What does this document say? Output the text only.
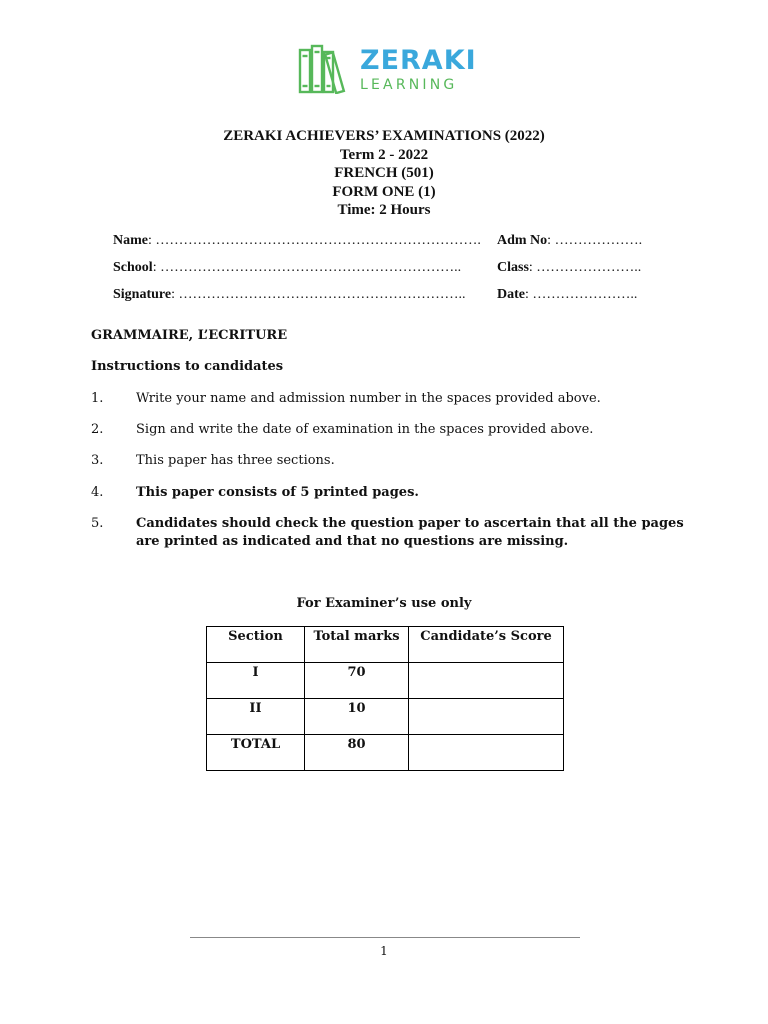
ZERAKI
LEARNING
ZERAKI ACHIEVERS’ EXAMINATIONS (2022)
Term 2 - 2022
FRENCH (501)
FORM ONE (1)
Time: 2 Hours
Name: …………………………………………………………….	Adm No: ……………….
School: ………………………………………………………..	Class: …………………..
Signature: ……………………………………………………..	Date: …………………..
GRAMMAIRE, L’ECRITURE
Instructions to candidates
1.	Write your name and admission number in the spaces provided above.
2.	Sign and write the date of examination in the spaces provided above.
3.	This paper has three sections.
4.	This paper consists of 5 printed pages.
5.	Candidates should check the question paper to ascertain that all the pages are printed as indicated and that no questions are missing.
For Examiner’s use only
Section	Total marks	Candidate’s Score
I	70	
II	10	
TOTAL	80	
1
